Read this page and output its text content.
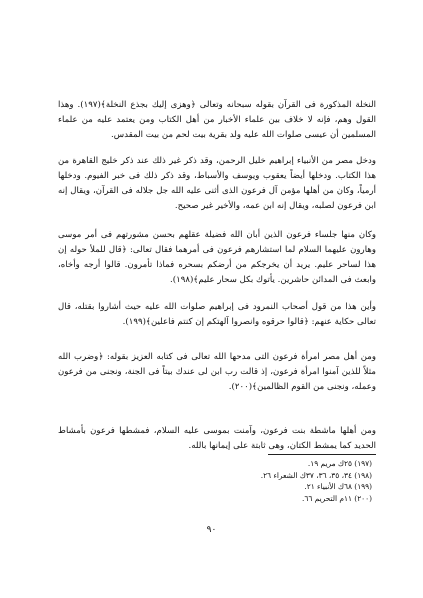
النخلة المذكورة فى القرآن بقوله سبحانه وتعالى ﴿وهزى إليك بجذع النخلة﴾(١٩٧). وهذا القول وهم، فإنه لا خلاف بين علماء الأخبار من أهل الكتاب ومن يعتمد عليه من علماء المسلمين أن عيسى صلوات الله عليه ولد بقرية بيت لحم من بيت المقدس.

ودخل مصر من الأنبياء إبراهيم خليل الرحمن، وقد ذكر غير ذلك عند ذكر خليج القاهرة من هذا الكتاب. ودخلها أيضاً يعقوب ويوسف والأسباط، وقد ذكر ذلك فى خبر الفيوم. ودخلها أرمياً، وكان من أهلها مؤمن آل فرعون الذى أثنى عليه الله جل جلاله فى القرآن، ويقال إنه ابن فرعون لصلبه، ويقال إنه ابن عمه، والأخير غير صحيح.

وكان منها جلساء فرعون الذين أبان الله فضيلة عقلهم بحسن مشورتهم فى أمر موسى وهارون عليهما السلام لما استشارهم فرعون فى أمرهما فقال تعالى: ﴿قال للملأ حوله إن هذا لساحر عليم. يريد أن يخرجكم من أرضكم بسحره فماذا تأمرون. قالوا أرجه وأخاه، وابعث فى المدائن حاشرين. يأتوك بكل سحار عليم﴾(١٩٨).

وأين هذا من قول أصحاب النمرود فى إبراهيم صلوات الله عليه حيث أشاروا بقتله، قال تعالى حكاية عنهم: ﴿قالوا حرقوه وانصروا آلهتكم إن كنتم فاعلين﴾(١٩٩).

ومن أهل مصر امرأة فرعون التى مدحها الله تعالى فى كتابه العزيز بقوله: ﴿وضرب الله مثلاً للذين آمنوا امرأة فرعون، إذ قالت رب ابن لى عندك بيتاً فى الجنة، ونجنى من فرعون وعمله، ونجنى من القوم الظالمين﴾(٢٠٠).

ومن أهلها ماشطة بنت فرعون، وآمنت بموسى عليه السلام، فمشطها فرعون بأمشاط الحديد كما يمشط الكتان، وهى ثابتة على إيمانها بالله.

(١٩٧) ٢٥ك مريم ١٩.
(١٩٨) ٣٤، ٣٥، ٣٦، ٣٧ك الشعراء ٢٦.
(١٩٩) ٦٨ك الأنبياء ٢١.
(٢٠٠) ١١م التحريم ٦٦.
٩٠
